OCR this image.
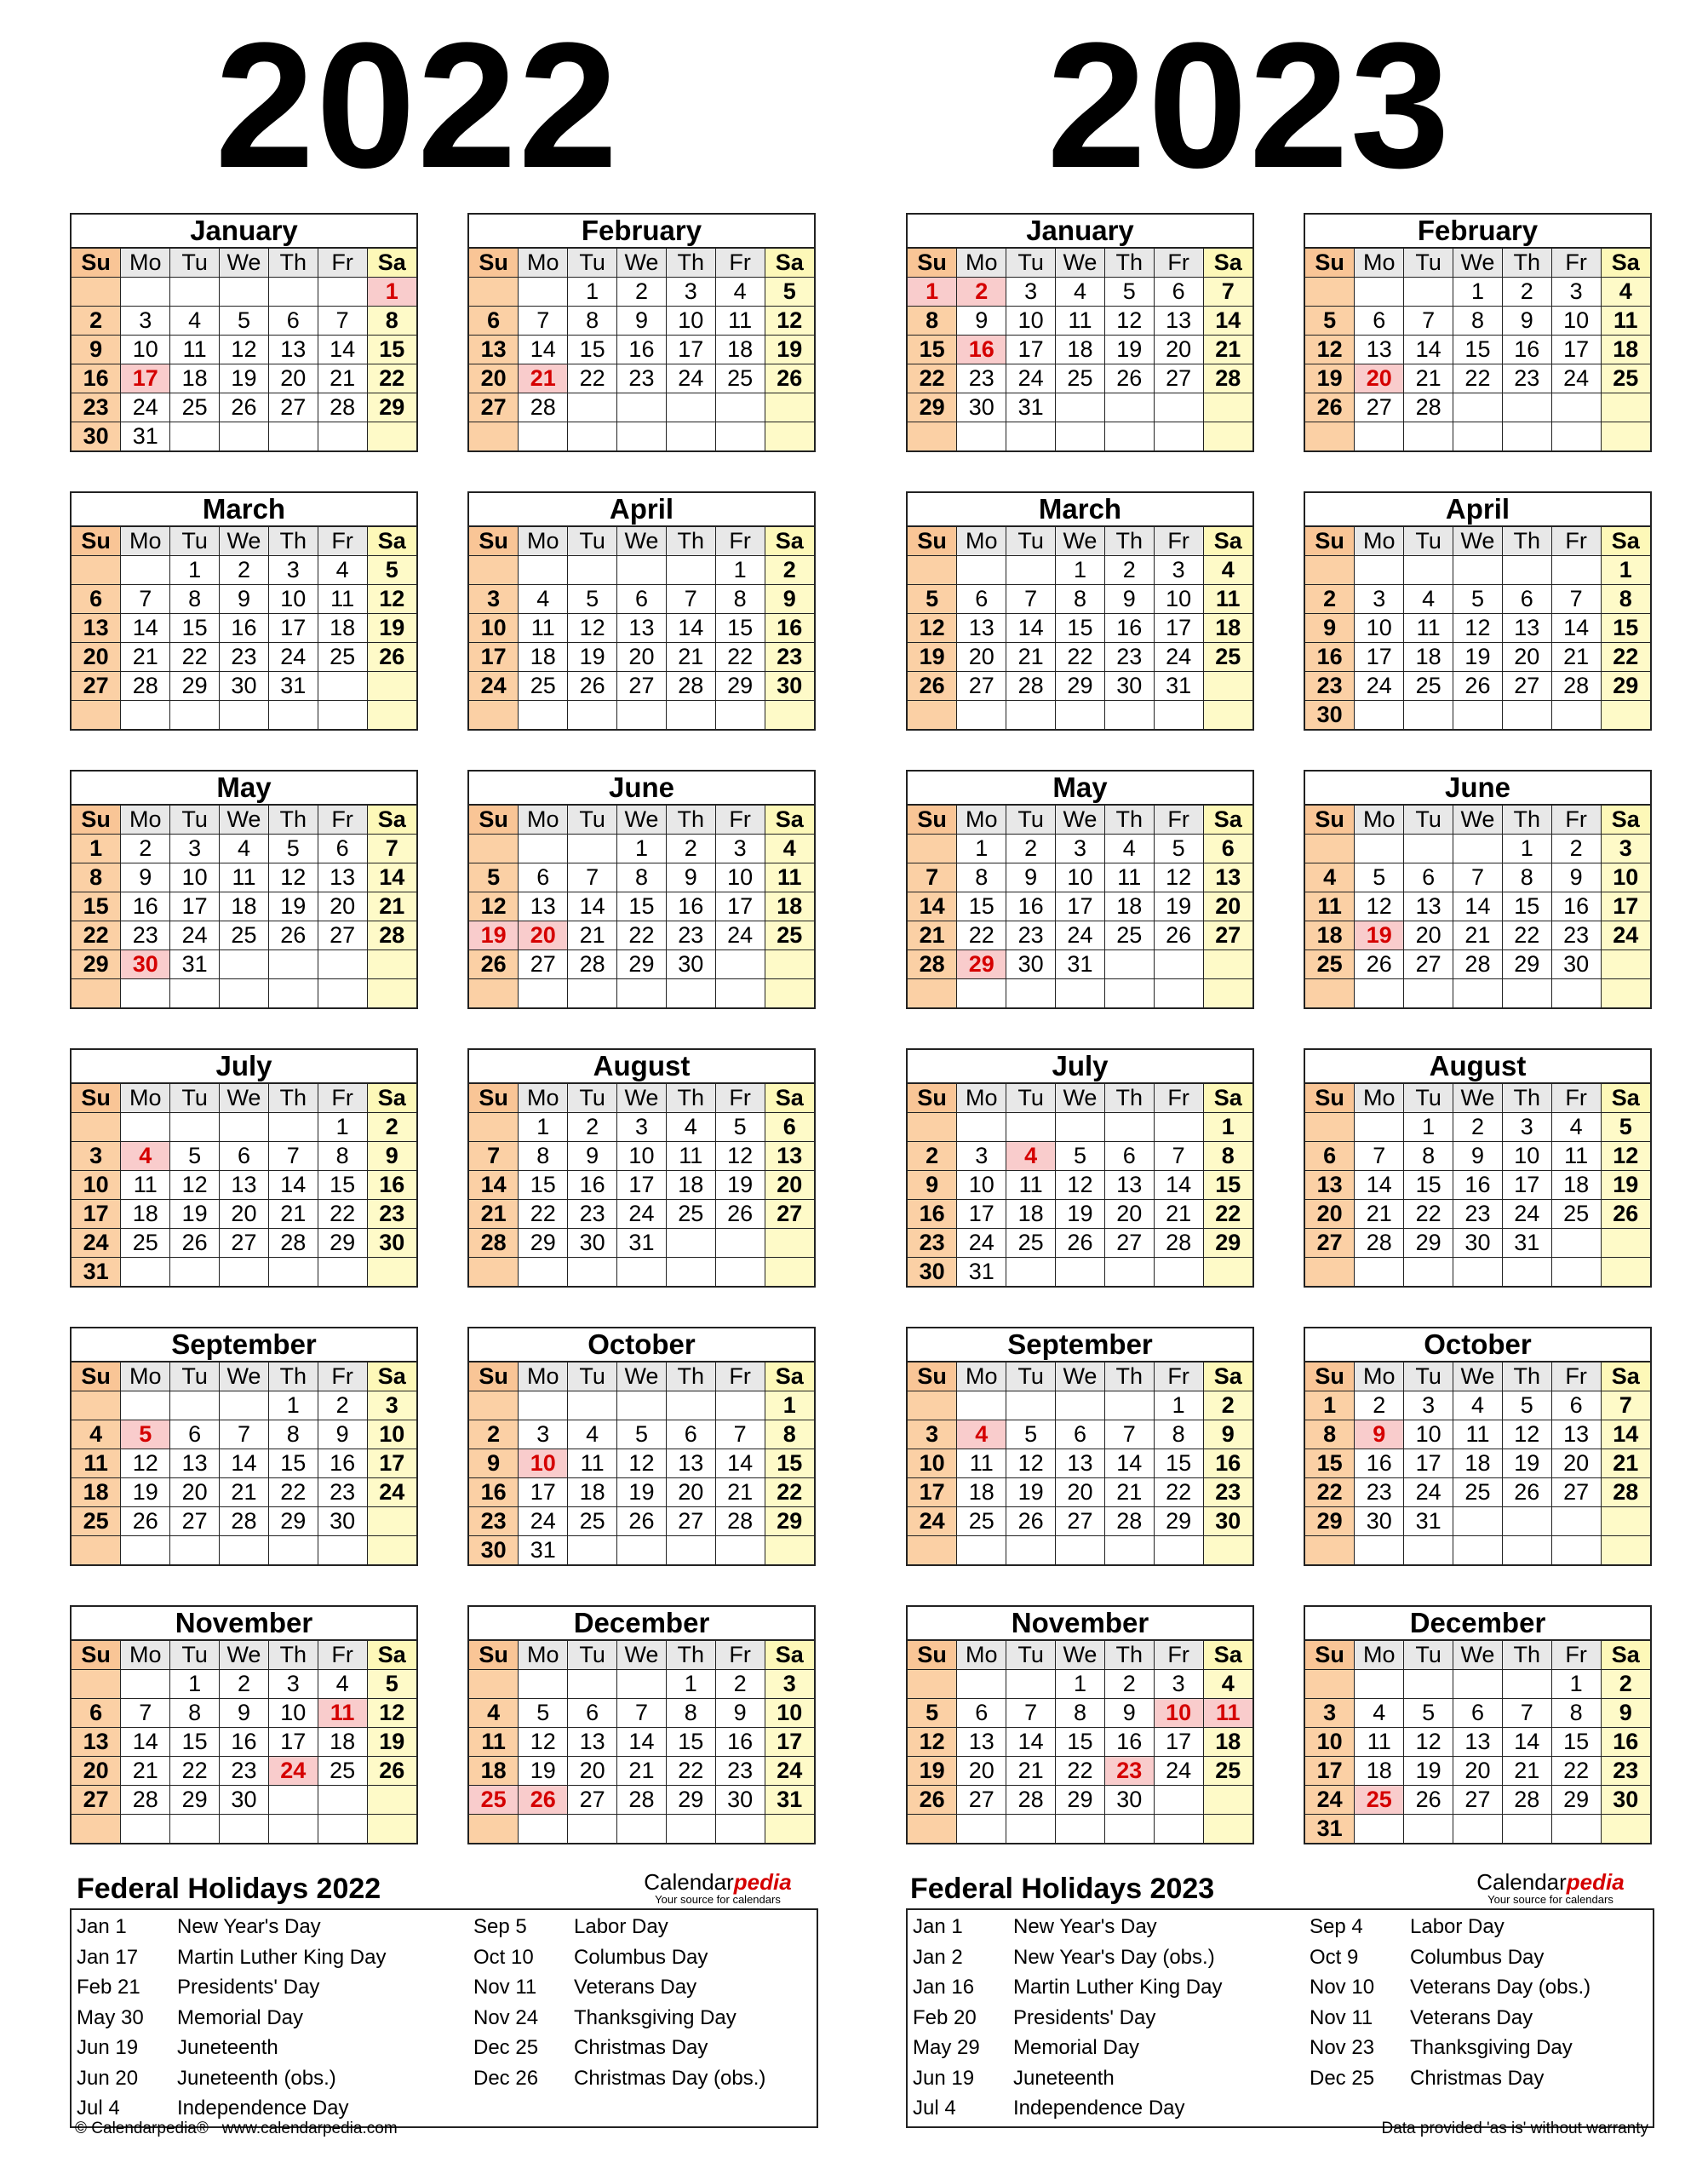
2022
January
Su	Mo	Tu	We	Th	Fr	Sa
						1
2	3	4	5	6	7	8
9	10	11	12	13	14	15
16	17	18	19	20	21	22
23	24	25	26	27	28	29
30	31					
February
Su	Mo	Tu	We	Th	Fr	Sa
		1	2	3	4	5
6	7	8	9	10	11	12
13	14	15	16	17	18	19
20	21	22	23	24	25	26
27	28					

March
Su	Mo	Tu	We	Th	Fr	Sa
		1	2	3	4	5
6	7	8	9	10	11	12
13	14	15	16	17	18	19
20	21	22	23	24	25	26
27	28	29	30	31		

April
Su	Mo	Tu	We	Th	Fr	Sa
					1	2
3	4	5	6	7	8	9
10	11	12	13	14	15	16
17	18	19	20	21	22	23
24	25	26	27	28	29	30

May
Su	Mo	Tu	We	Th	Fr	Sa
1	2	3	4	5	6	7
8	9	10	11	12	13	14
15	16	17	18	19	20	21
22	23	24	25	26	27	28
29	30	31				

June
Su	Mo	Tu	We	Th	Fr	Sa
			1	2	3	4
5	6	7	8	9	10	11
12	13	14	15	16	17	18
19	20	21	22	23	24	25
26	27	28	29	30		

July
Su	Mo	Tu	We	Th	Fr	Sa
					1	2
3	4	5	6	7	8	9
10	11	12	13	14	15	16
17	18	19	20	21	22	23
24	25	26	27	28	29	30
31						
August
Su	Mo	Tu	We	Th	Fr	Sa
	1	2	3	4	5	6
7	8	9	10	11	12	13
14	15	16	17	18	19	20
21	22	23	24	25	26	27
28	29	30	31			

September
Su	Mo	Tu	We	Th	Fr	Sa
				1	2	3
4	5	6	7	8	9	10
11	12	13	14	15	16	17
18	19	20	21	22	23	24
25	26	27	28	29	30	

October
Su	Mo	Tu	We	Th	Fr	Sa
						1
2	3	4	5	6	7	8
9	10	11	12	13	14	15
16	17	18	19	20	21	22
23	24	25	26	27	28	29
30	31					
November
Su	Mo	Tu	We	Th	Fr	Sa
		1	2	3	4	5
6	7	8	9	10	11	12
13	14	15	16	17	18	19
20	21	22	23	24	25	26
27	28	29	30			

December
Su	Mo	Tu	We	Th	Fr	Sa
				1	2	3
4	5	6	7	8	9	10
11	12	13	14	15	16	17
18	19	20	21	22	23	24
25	26	27	28	29	30	31

Federal Holidays 2022	Calendarpedia
Your source for calendars
Jan 1 New Year's Day
Jan 17 Martin Luther King Day
Feb 21 Presidents' Day
May 30 Memorial Day
Jun 19 Juneteenth
Jun 20 Juneteenth (obs.)
Jul 4	Independence Day
Sep 5 Labor Day
Oct 10 Columbus Day
Nov 11 Veterans Day
Nov 24 Thanksgiving Day
Dec 25 Christmas Day
Dec 26 Christmas Day (obs.)
2023
January
Su	Mo	Tu	We	Th	Fr	Sa
1	2	3	4	5	6	7
8	9	10	11	12	13	14
15	16	17	18	19	20	21
22	23	24	25	26	27	28
29	30	31				

February
Su	Mo	Tu	We	Th	Fr	Sa
			1	2	3	4
5	6	7	8	9	10	11
12	13	14	15	16	17	18
19	20	21	22	23	24	25
26	27	28				

March
Su	Mo	Tu	We	Th	Fr	Sa
			1	2	3	4
5	6	7	8	9	10	11
12	13	14	15	16	17	18
19	20	21	22	23	24	25
26	27	28	29	30	31	

April
Su	Mo	Tu	We	Th	Fr	Sa
						1
2	3	4	5	6	7	8
9	10	11	12	13	14	15
16	17	18	19	20	21	22
23	24	25	26	27	28	29
30						
May
Su	Mo	Tu	We	Th	Fr	Sa
	1	2	3	4	5	6
7	8	9	10	11	12	13
14	15	16	17	18	19	20
21	22	23	24	25	26	27
28	29	30	31			

June
Su	Mo	Tu	We	Th	Fr	Sa
				1	2	3
4	5	6	7	8	9	10
11	12	13	14	15	16	17
18	19	20	21	22	23	24
25	26	27	28	29	30	

July
Su	Mo	Tu	We	Th	Fr	Sa
						1
2	3	4	5	6	7	8
9	10	11	12	13	14	15
16	17	18	19	20	21	22
23	24	25	26	27	28	29
30	31					
August
Su	Mo	Tu	We	Th	Fr	Sa
		1	2	3	4	5
6	7	8	9	10	11	12
13	14	15	16	17	18	19
20	21	22	23	24	25	26
27	28	29	30	31		

September
Su	Mo	Tu	We	Th	Fr	Sa
					1	2
3	4	5	6	7	8	9
10	11	12	13	14	15	16
17	18	19	20	21	22	23
24	25	26	27	28	29	30

October
Su	Mo	Tu	We	Th	Fr	Sa
1	2	3	4	5	6	7
8	9	10	11	12	13	14
15	16	17	18	19	20	21
22	23	24	25	26	27	28
29	30	31				

November
Su	Mo	Tu	We	Th	Fr	Sa
			1	2	3	4
5	6	7	8	9	10	11
12	13	14	15	16	17	18
19	20	21	22	23	24	25
26	27	28	29	30		

December
Su	Mo	Tu	We	Th	Fr	Sa
					1	2
3	4	5	6	7	8	9
10	11	12	13	14	15	16
17	18	19	20	21	22	23
24	25	26	27	28	29	30
31						
Federal Holidays 2023	Calendarpedia
Your source for calendars
Jan 1 New Year's Day
Jan 2 New Year's Day (obs.)
Jan 16 Martin Luther King Day
Feb 20 Presidents' Day
May 29 Memorial Day
Jun 19 Juneteenth
Jul 4	Independence Day
Sep 4 Labor Day
Oct 9	Columbus Day
Nov 10 Veterans Day (obs.)
Nov 11 Veterans Day
Nov 23 Thanksgiving Day
Dec 25 Christmas Day
© Calendarpedia®   www.calendarpedia.com	Data provided 'as is' without warranty
